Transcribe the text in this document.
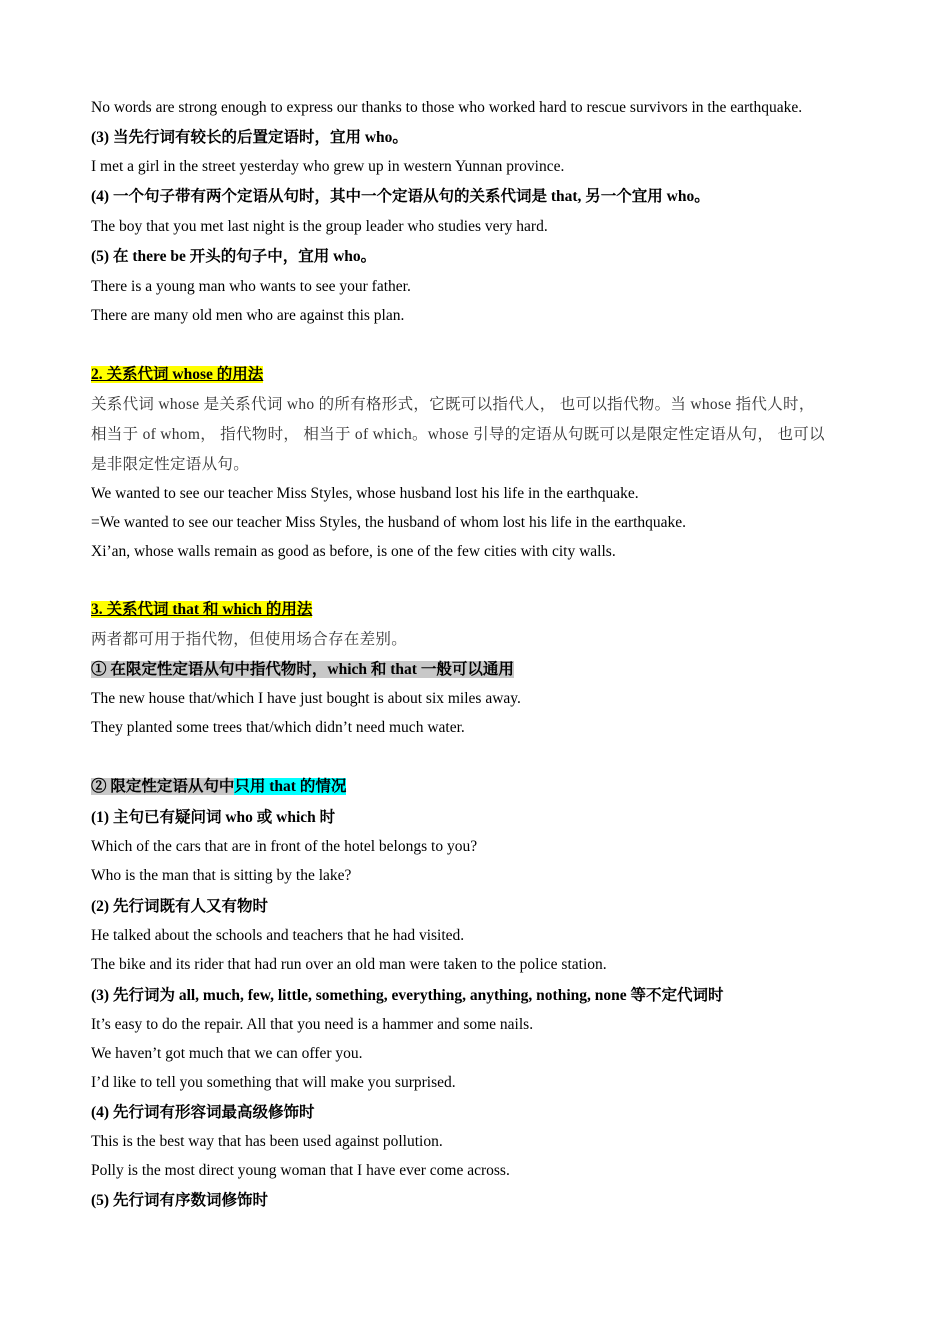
No words are strong enough to express our thanks to those who worked hard to rescue survivors in the earthquake.
(3) 当先行词有较长的后置定语时，宜用 who。
I met a girl in the street yesterday who grew up in western Yunnan province.
(4) 一个句子带有两个定语从句时，其中一个定语从句的关系代词是 that, 另一个宜用 who。
The boy that you met last night is the group leader who studies very hard.
(5) 在 there be 开头的句子中，宜用 who。
There is a young man who wants to see your father.
There are many old men who are against this plan.
2. 关系代词 whose 的用法
关系代词 whose 是关系代词 who 的所有格形式，它既可以指代人， 也可以指代物。当 whose 指代人时，
相当于 of whom， 指代物时， 相当于 of which。whose 引导的定语从句既可以是限定性定语从句， 也可以
是非限定性定语从句。
We wanted to see our teacher Miss Styles, whose husband lost his life in the earthquake.
=We wanted to see our teacher Miss Styles, the husband of whom lost his life in the earthquake.
Xi’an, whose walls remain as good as before, is one of the few cities with city walls.
3. 关系代词 that 和 which 的用法
两者都可用于指代物，但使用场合存在差别。
① 在限定性定语从句中指代物时，which 和 that 一般可以通用
The new house that/which I have just bought is about six miles away.
They planted some trees that/which didn’t need much water.
② 限定性定语从句中只用 that 的情况
(1) 主句已有疑问词 who 或 which 时
Which of the cars that are in front of the hotel belongs to you?
Who is the man that is sitting by the lake?
(2) 先行词既有人又有物时
He talked about the schools and teachers that he had visited.
The bike and its rider that had run over an old man were taken to the police station.
(3) 先行词为 all, much, few, little, something, everything, anything, nothing, none 等不定代词时
It’s easy to do the repair. All that you need is a hammer and some nails.
We haven’t got much that we can offer you.
I’d like to tell you something that will make you surprised.
(4) 先行词有形容词最高级修饰时
This is the best way that has been used against pollution.
Polly is the most direct young woman that I have ever come across.
(5) 先行词有序数词修饰时
